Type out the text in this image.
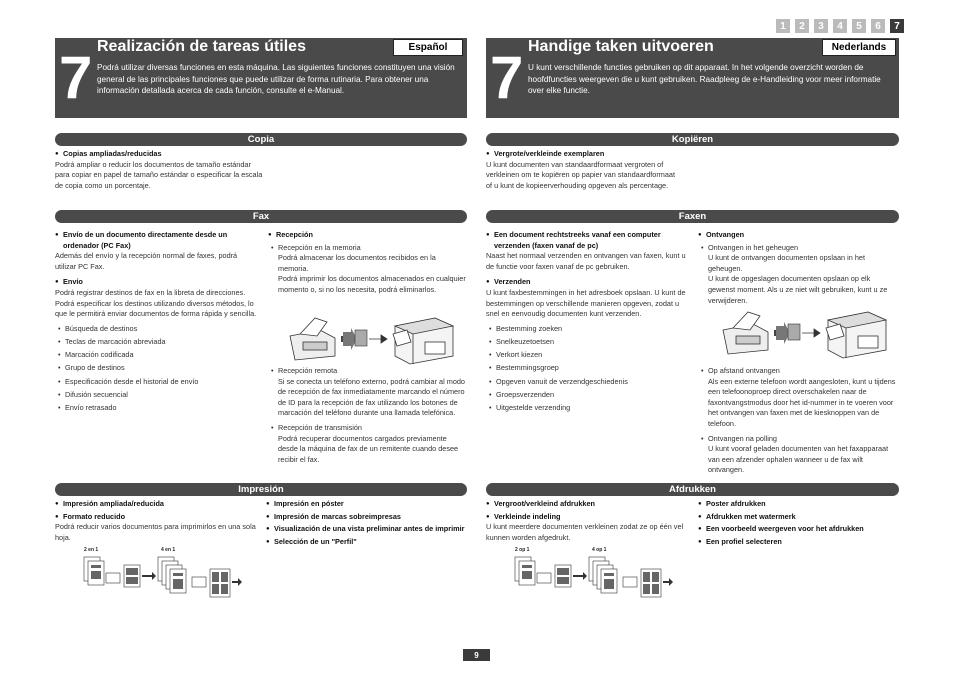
1	2	3	4	5	6	7
7 Realización de tareas útiles	Español
Podrá utilizar diversas funciones en esta máquina. Las siguientes funciones constituyen una visión general de las principales funciones que puede utilizar de forma rutinaria. Para obtener una información detallada acerca de cada función, consulte el e-Manual.
Copia
● Copias ampliadas/reducidas
Podrá ampliar o reducir los documentos de tamaño estándar para copiar en papel de tamaño estándar o especificar la escala de copia como un porcentaje.
Fax
● Envío de un documento directamente desde un ordenador (PC Fax)
Además del envío y la recepción normal de faxes, podrá utilizar PC Fax.
● Envío
Podrá registrar destinos de fax en la libreta de direcciones. Podrá especificar los destinos utilizando diversos métodos, lo que le permitirá enviar documentos de forma rápida y sencilla.
• Búsqueda de destinos
• Teclas de marcación abreviada
• Marcación codificada
• Grupo de destinos
• Especificación desde el historial de envío
• Difusión secuencial
• Envío retrasado
● Recepción
• Recepción en la memoria
Podrá almacenar los documentos recibidos en la memoria.
Podrá imprimir los documentos almacenados en cualquier momento o, si no los necesita, podrá eliminarlos.
• Recepción remota
Si se conecta un teléfono externo, podrá cambiar al modo de recepción de fax inmediatamente marcando el número de ID para la recepción de fax utilizando los botones de marcación del teléfono durante una llamada telefónica.
• Recepción de transmisión
Podrá recuperar documentos cargados previamente desde la máquina de fax de un remitente cuando desee recibir el fax.
Impresión
● Impresión ampliada/reducida
● Formato reducido
Podrá reducir varios documentos para imprimirlos en una sola hoja.
● Impresión en póster
● Impresión de marcas sobreimpresas
● Visualización de una vista preliminar antes de imprimir
● Selección de un "Perfil"
2 en 1	4 en 1
7 Handige taken uitvoeren	Nederlands
U kunt verschillende functies gebruiken op dit apparaat. In het volgende overzicht worden de hoofdfuncties weergeven die u kunt gebruiken. Raadpleeg de e-Handleiding voor meer informatie over elke functie.
Kopiëren
● Vergrote/verkleinde exemplaren
U kunt documenten van standaardformaat vergroten of verkleinen om te kopiëren op papier van standaardformaat of u kunt de kopieerverhouding opgeven als percentage.
Faxen
● Een document rechtstreeks vanaf een computer verzenden (faxen vanaf de pc)
Naast het normaal verzenden en ontvangen van faxen, kunt u de functie voor faxen vanaf de pc gebruiken.
● Verzenden
U kunt faxbestemmingen in het adresboek opslaan. U kunt de bestemmingen op verschillende manieren opgeven, zodat u snel en eenvoudig documenten kunt verzenden.
• Bestemming zoeken
• Snelkeuzetoetsen
• Verkort kiezen
• Bestemmingsgroep
• Opgeven vanuit de verzendgeschiedenis
• Groepsverzenden
• Uitgestelde verzending
● Ontvangen
• Ontvangen in het geheugen
U kunt de ontvangen documenten opslaan in het geheugen.
U kunt de opgeslagen documenten opslaan op elk gewenst moment. Als u ze niet wilt gebruiken, kunt u ze verwijderen.
• Op afstand ontvangen
Als een externe telefoon wordt aangesloten, kunt u tijdens een telefoonoproep direct overschakelen naar de faxontvangstmodus door het id-nummer in te voeren voor het ontvangen van faxen met de kiesknoppen van de telefoon.
• Ontvangen na polling
U kunt vooraf geladen documenten van het faxapparaat van een afzender ophalen wanneer u de fax wilt ontvangen.
Afdrukken
● Vergroot/verkleind afdrukken
● Verkleinde indeling
U kunt meerdere documenten verkleinen zodat ze op één vel kunnen worden afgedrukt.
● Poster afdrukken
● Afdrukken met watermerk
● Een voorbeeld weergeven voor het afdrukken
● Een profiel selecteren
2 op 1	4 op 1
9
